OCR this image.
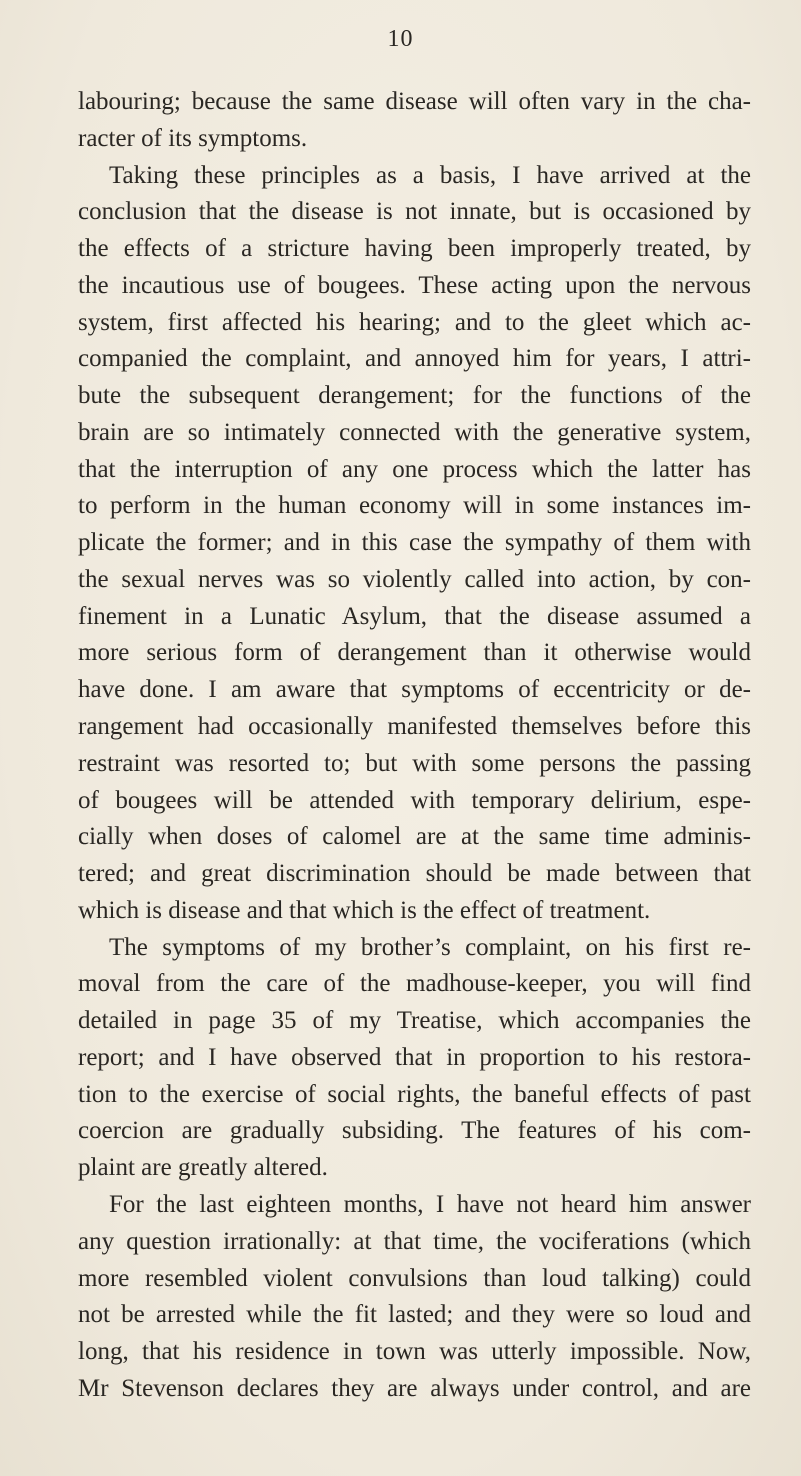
10
labouring; because the same disease will often vary in the cha-
racter of its symptoms.
Taking these principles as a basis, I have arrived at the
conclusion that the disease is not innate, but is occasioned by
the effects of a stricture having been improperly treated, by
the incautious use of bougees. These acting upon the nervous
system, first affected his hearing; and to the gleet which ac-
companied the complaint, and annoyed him for years, I attri-
bute the subsequent derangement; for the functions of the
brain are so intimately connected with the generative system,
that the interruption of any one process which the latter has
to perform in the human economy will in some instances im-
plicate the former; and in this case the sympathy of them with
the sexual nerves was so violently called into action, by con-
finement in a Lunatic Asylum, that the disease assumed a
more serious form of derangement than it otherwise would
have done. I am aware that symptoms of eccentricity or de-
rangement had occasionally manifested themselves before this
restraint was resorted to; but with some persons the passing
of bougees will be attended with temporary delirium, espe-
cially when doses of calomel are at the same time adminis-
tered; and great discrimination should be made between that
which is disease and that which is the effect of treatment.
The symptoms of my brother’s complaint, on his first re-
moval from the care of the madhouse-keeper, you will find
detailed in page 35 of my Treatise, which accompanies the
report; and I have observed that in proportion to his restora-
tion to the exercise of social rights, the baneful effects of past
coercion are gradually subsiding. The features of his com-
plaint are greatly altered.
For the last eighteen months, I have not heard him answer
any question irrationally: at that time, the vociferations (which
more resembled violent convulsions than loud talking) could
not be arrested while the fit lasted; and they were so loud and
long, that his residence in town was utterly impossible. Now,
Mr Stevenson declares they are always under control, and are
